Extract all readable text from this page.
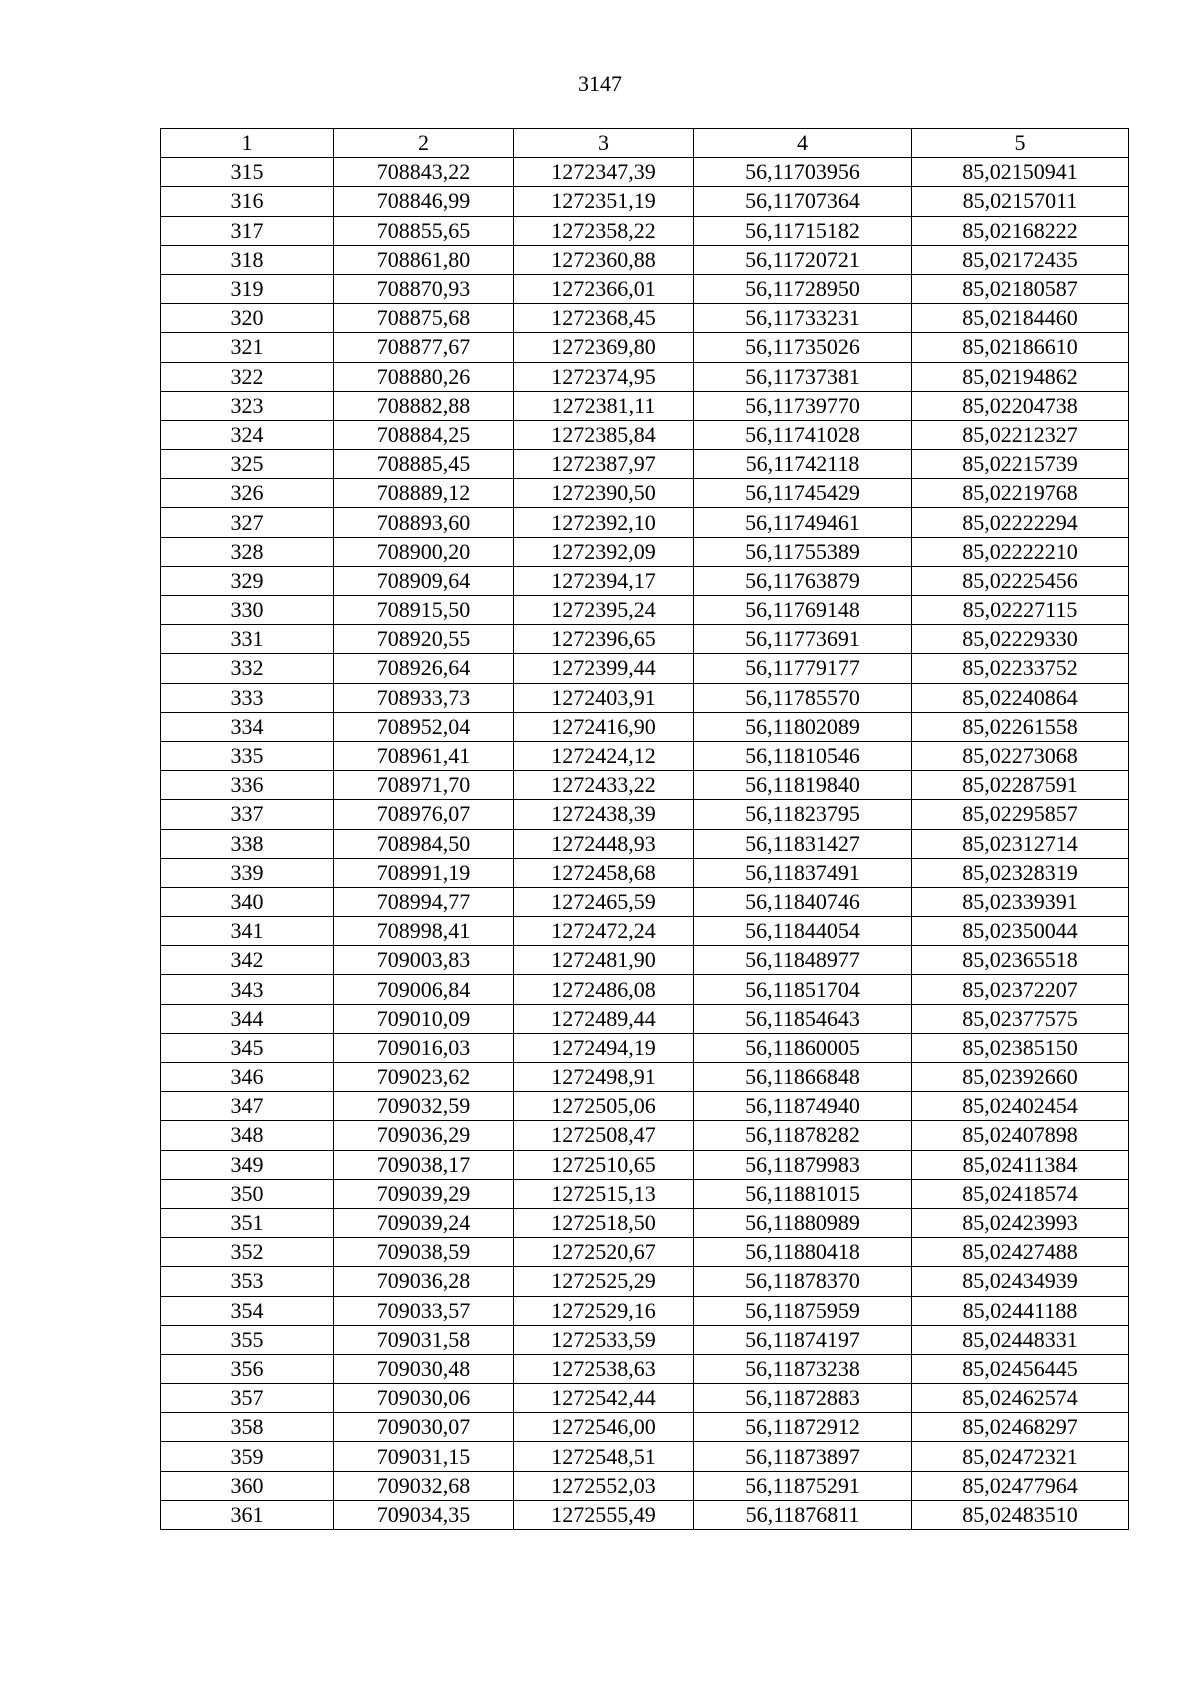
3147
1	2	3	4	5
315	708843,22	1272347,39	56,11703956	85,02150941
316	708846,99	1272351,19	56,11707364	85,02157011
317	708855,65	1272358,22	56,11715182	85,02168222
318	708861,80	1272360,88	56,11720721	85,02172435
319	708870,93	1272366,01	56,11728950	85,02180587
320	708875,68	1272368,45	56,11733231	85,02184460
321	708877,67	1272369,80	56,11735026	85,02186610
322	708880,26	1272374,95	56,11737381	85,02194862
323	708882,88	1272381,11	56,11739770	85,02204738
324	708884,25	1272385,84	56,11741028	85,02212327
325	708885,45	1272387,97	56,11742118	85,02215739
326	708889,12	1272390,50	56,11745429	85,02219768
327	708893,60	1272392,10	56,11749461	85,02222294
328	708900,20	1272392,09	56,11755389	85,02222210
329	708909,64	1272394,17	56,11763879	85,02225456
330	708915,50	1272395,24	56,11769148	85,02227115
331	708920,55	1272396,65	56,11773691	85,02229330
332	708926,64	1272399,44	56,11779177	85,02233752
333	708933,73	1272403,91	56,11785570	85,02240864
334	708952,04	1272416,90	56,11802089	85,02261558
335	708961,41	1272424,12	56,11810546	85,02273068
336	708971,70	1272433,22	56,11819840	85,02287591
337	708976,07	1272438,39	56,11823795	85,02295857
338	708984,50	1272448,93	56,11831427	85,02312714
339	708991,19	1272458,68	56,11837491	85,02328319
340	708994,77	1272465,59	56,11840746	85,02339391
341	708998,41	1272472,24	56,11844054	85,02350044
342	709003,83	1272481,90	56,11848977	85,02365518
343	709006,84	1272486,08	56,11851704	85,02372207
344	709010,09	1272489,44	56,11854643	85,02377575
345	709016,03	1272494,19	56,11860005	85,02385150
346	709023,62	1272498,91	56,11866848	85,02392660
347	709032,59	1272505,06	56,11874940	85,02402454
348	709036,29	1272508,47	56,11878282	85,02407898
349	709038,17	1272510,65	56,11879983	85,02411384
350	709039,29	1272515,13	56,11881015	85,02418574
351	709039,24	1272518,50	56,11880989	85,02423993
352	709038,59	1272520,67	56,11880418	85,02427488
353	709036,28	1272525,29	56,11878370	85,02434939
354	709033,57	1272529,16	56,11875959	85,02441188
355	709031,58	1272533,59	56,11874197	85,02448331
356	709030,48	1272538,63	56,11873238	85,02456445
357	709030,06	1272542,44	56,11872883	85,02462574
358	709030,07	1272546,00	56,11872912	85,02468297
359	709031,15	1272548,51	56,11873897	85,02472321
360	709032,68	1272552,03	56,11875291	85,02477964
361	709034,35	1272555,49	56,11876811	85,02483510
